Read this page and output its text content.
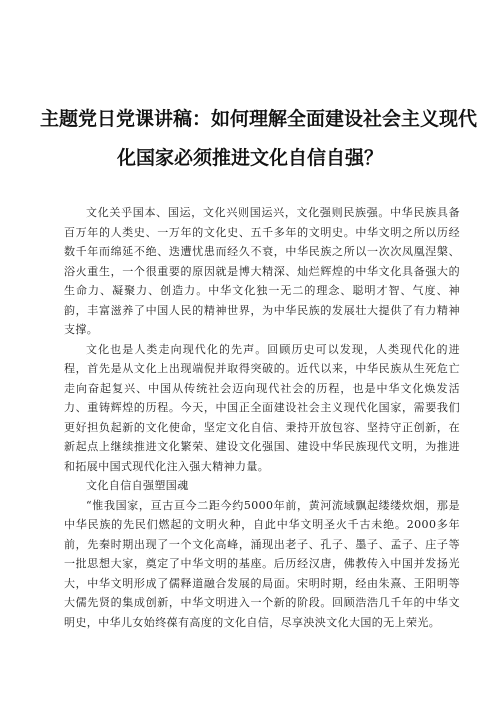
主题党日党课讲稿：如何理解全面建设社会主义现代
化国家必须推进文化自信自强？

文化关乎国本、国运，文化兴则国运兴，文化强则民族强。中华民族具备百万年的人类史、一万年的文化史、五千多年的文明史。中华文明之所以历经数千年而绵延不绝、迭遭忧患而经久不衰，中华民族之所以一次次凤凰涅槃、浴火重生，一个很重要的原因就是博大精深、灿烂辉煌的中华文化具备强大的生命力、凝聚力、创造力。中华文化独一无二的理念、聪明才智、气度、神韵，丰富滋养了中国人民的精神世界，为中华民族的发展壮大提供了有力精神支撑。

文化也是人类走向现代化的先声。回顾历史可以发现，人类现代化的进程，首先是从文化上出现端倪并取得突破的。近代以来，中华民族从生死危亡走向奋起复兴、中国从传统社会迈向现代社会的历程，也是中华文化焕发活力、重铸辉煌的历程。今天，中国正全面建设社会主义现代化国家，需要我们更好担负起新的文化使命，坚定文化自信、秉持开放包容、坚持守正创新，在新起点上继续推进文化繁荣、建设文化强国、建设中华民族现代文明，为推进和拓展中国式现代化注入强大精神力量。

文化自信自强塑国魂

“惟我国家，亘古亘今二距今约5000年前，黄河流域飘起缕缕炊烟，那是中华民族的先民们燃起的文明火种，自此中华文明圣火千古未绝。2000多年前，先秦时期出现了一个文化高峰，涌现出老子、孔子、墨子、孟子、庄子等一批思想大家，奠定了中华文明的基座。后历经汉唐，佛教传入中国并发扬光大，中华文明形成了儒释道融合发展的局面。宋明时期，经由朱熹、王阳明等大儒先贤的集成创新，中华文明进入一个新的阶段。回顾浩浩几千年的中华文明史，中华儿女始终葆有高度的文化自信，尽享泱泱文化大国的无上荣光。
